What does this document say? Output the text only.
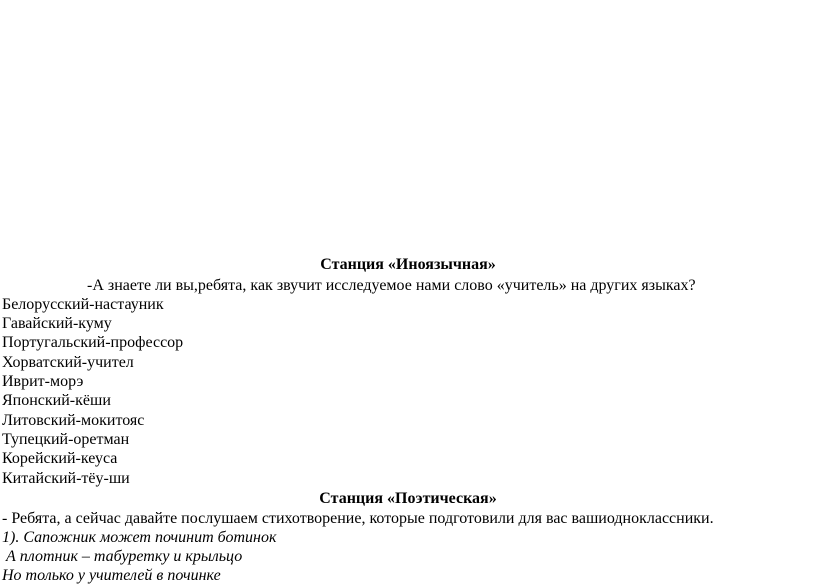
Станция «Иноязычная»
-А знаете ли вы,ребята, как звучит исследуемое нами слово «учитель» на других языках?
Белорусский-настауник
Гавайский-куму
Португальский-профессор
Хорватский-учител
Иврит-морэ
Японский-кёши
Литовский-мокитояс
Тупецкий-оретман
Корейский-кеуса
Китайский-тёу-ши
Станция «Поэтическая»
- Ребята, а сейчас давайте послушаем стихотворение, которые подготовили для вас вашиодноклассники.
1). Сапожник может починит ботинок
А плотник – табуретку и крыльцо
Но только у учителей в починке
